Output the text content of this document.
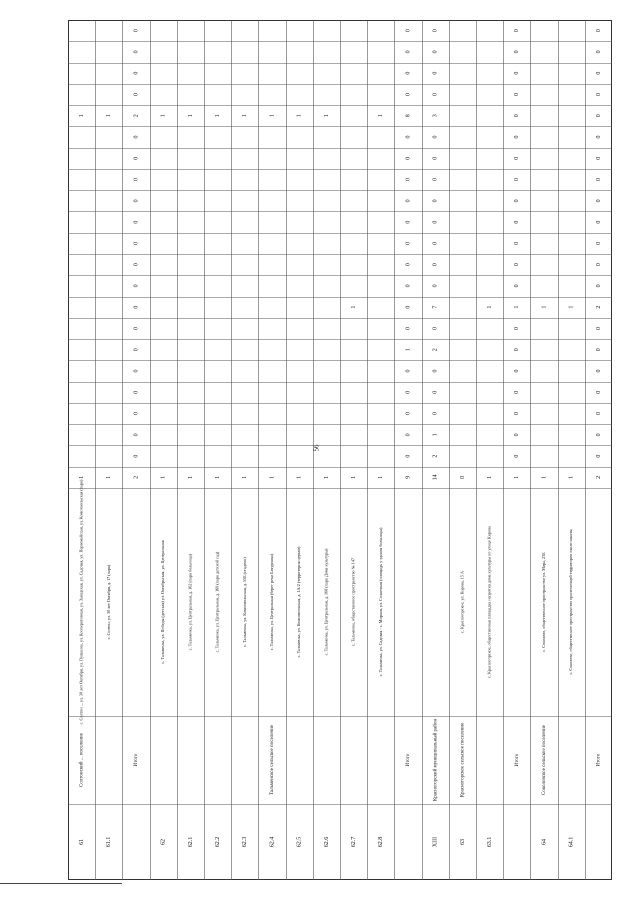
56
61
Солтонский ... поселение
с. Солтон ... ул. 30 лет Октября, ул. Пушкина, ул. Кооперативная, ул. Заводская, ул. Садовая, ул. Первомайская, ул. Комсомольская (парк)
1
1
61.1
с. Солтон, ул. 30 лет Октября, д. 17 (парк)
1
1
Итого
2
0
0
0
0
0
0
0
0
0
0
0
0
0
0
0
0
2
0
0
0
0
62
с. Тальменка, ул. Победы (детская) ул. Октябрьская, ул. Центральная
1
1
62.1
с. Тальменка, ул. Центральная, д. 162 (парк больница)
1
1
62.2
с. Тальменка, ул. Центральная, д. 160 (парк детской сад)
1
1
62.3
с. Тальменка, ул. Комсомольская, д. 55Б (стадион)
1
1
62.4
Тальменское сельское поселение
с. Тальменка, ул. Центральная (берег реки Бачуринка)
1
1
62.5
с. Тальменка, ул. Комсомольская, д. 1А/2 (территория церкви)
1
1
62.6
с. Тальменка, ул. Центральная, д. 168 (парк Дома культуры)
1
1
62.7
с. Тальменка, общественное пространство № 147
1
1
62.8
с. Тальменка, ул. Садовая - с. Мирная, ул. Солнечная (площадь у здания больницы)
1
1
Итого
9
0
0
0
0
0
1
0
0
0
0
0
0
0
0
0
0
8
0
0
0
0
XIII
Красногорский муниципальный район
14
2
1
0
0
0
2
0
7
0
0
0
0
0
0
0
0
3
0
0
0
0
63
Красногорское сельское поселение
с. Красногорское, ул. Кирова, 15 А
0
63.1
с. Красногорское, общественная площадка напротив дома культуры по улице Кирова
1
1
Итого
1
0
0
0
0
0
0
0
1
0
0
0
0
0
0
0
0
0
0
0
0
0
64
Соколовское сельское поселение
с. Соколово, общественное пространство ул. Мира, 23Б
1
1
64.1
с. Соколово, общественное пространство прилегающей территории около школы
1
1
Итого
2
0
0
0
0
0
0
0
2
0
0
0
0
0
0
0
0
0
0
0
0
0
